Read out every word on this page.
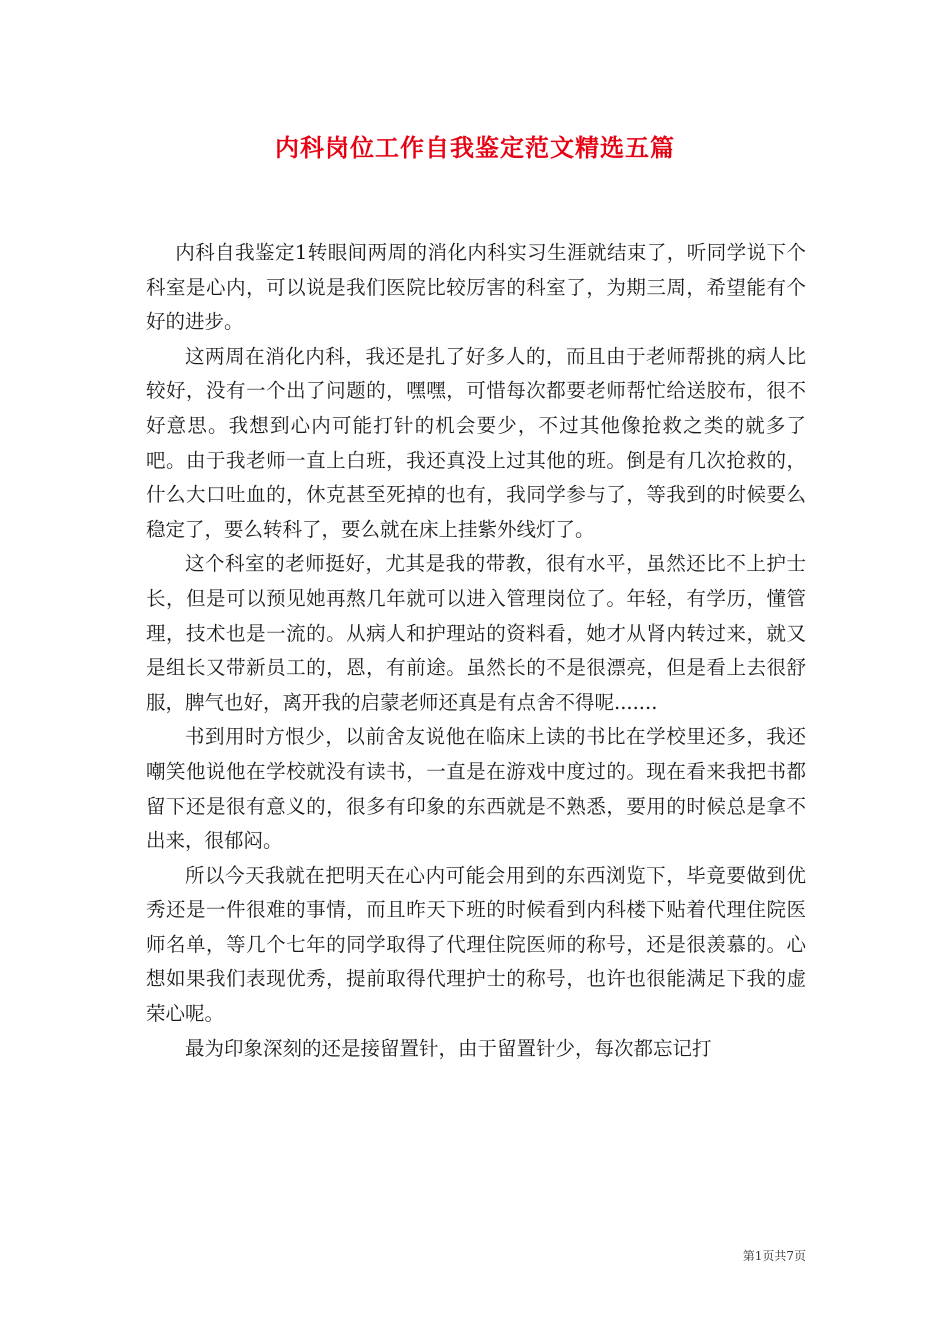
内科岗位工作自我鉴定范文精选五篇

内科自我鉴定1转眼间两周的消化内科实习生涯就结束了，听同学说下个科室是心内，可以说是我们医院比较厉害的科室了，为期三周，希望能有个好的进步。

这两周在消化内科，我还是扎了好多人的，而且由于老师帮挑的病人比较好，没有一个出了问题的，嘿嘿，可惜每次都要老师帮忙给送胶布，很不好意思。我想到心内可能打针的机会要少，不过其他像抢救之类的就多了吧。由于我老师一直上白班，我还真没上过其他的班。倒是有几次抢救的，什么大口吐血的，休克甚至死掉的也有，我同学参与了，等我到的时候要么稳定了，要么转科了，要么就在床上挂紫外线灯了。

这个科室的老师挺好，尤其是我的带教，很有水平，虽然还比不上护士长，但是可以预见她再熬几年就可以进入管理岗位了。年轻，有学历，懂管理，技术也是一流的。从病人和护理站的资料看，她才从肾内转过来，就又是组长又带新员工的，恩，有前途。虽然长的不是很漂亮，但是看上去很舒服，脾气也好，离开我的启蒙老师还真是有点舍不得呢.......

书到用时方恨少，以前舍友说他在临床上读的书比在学校里还多，我还嘲笑他说他在学校就没有读书，一直是在游戏中度过的。现在看来我把书都留下还是很有意义的，很多有印象的东西就是不熟悉，要用的时候总是拿不出来，很郁闷。

所以今天我就在把明天在心内可能会用到的东西浏览下，毕竟要做到优秀还是一件很难的事情，而且昨天下班的时候看到内科楼下贴着代理住院医师名单，等几个七年的同学取得了代理住院医师的称号，还是很羡慕的。心想如果我们表现优秀，提前取得代理护士的称号，也许也很能满足下我的虚荣心呢。

最为印象深刻的还是接留置针，由于留置针少，每次都忘记打

第1页共7页
